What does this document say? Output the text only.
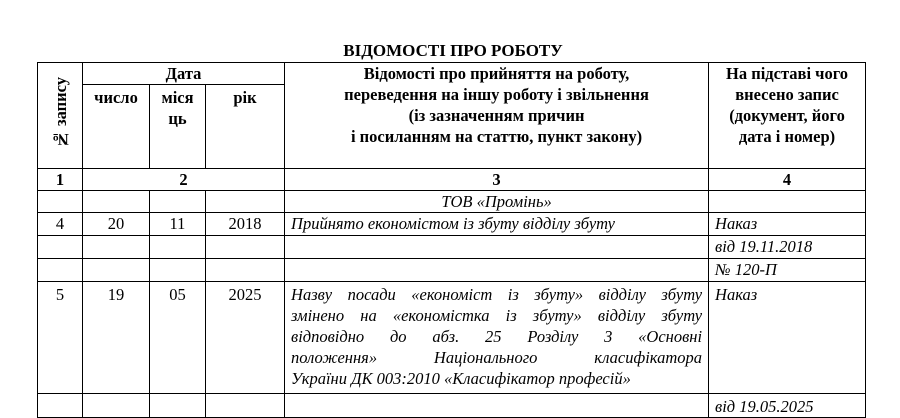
ВІДОМОСТІ ПРО РОБОТУ
№ запису	Дата			Відомості про прийняття на роботу,
переведення на іншу роботу і звільнення
(із зазначенням причин
і посиланням на статтю, пункт закону)	На підставі чого
внесено запис
(документ, його
дата і номер)
	число	міся
ць	рік		
1	2			3	4
				ТОВ «Промінь»	
4	20	11	2018	Прийнято економістом із збуту відділу збуту	Наказ
					від 19.11.2018
					№ 120-П
5	19	05	2025	Назву посади «економіст із збуту» відділу збуту
змінено на «економістка із збуту» відділу збуту
відповідно до абз. 25 Розділу 3 «Основні
положення» Національного класифікатора
України ДК 003:2010 «Класифікатор професій»	Наказ
					від 19.05.2025
